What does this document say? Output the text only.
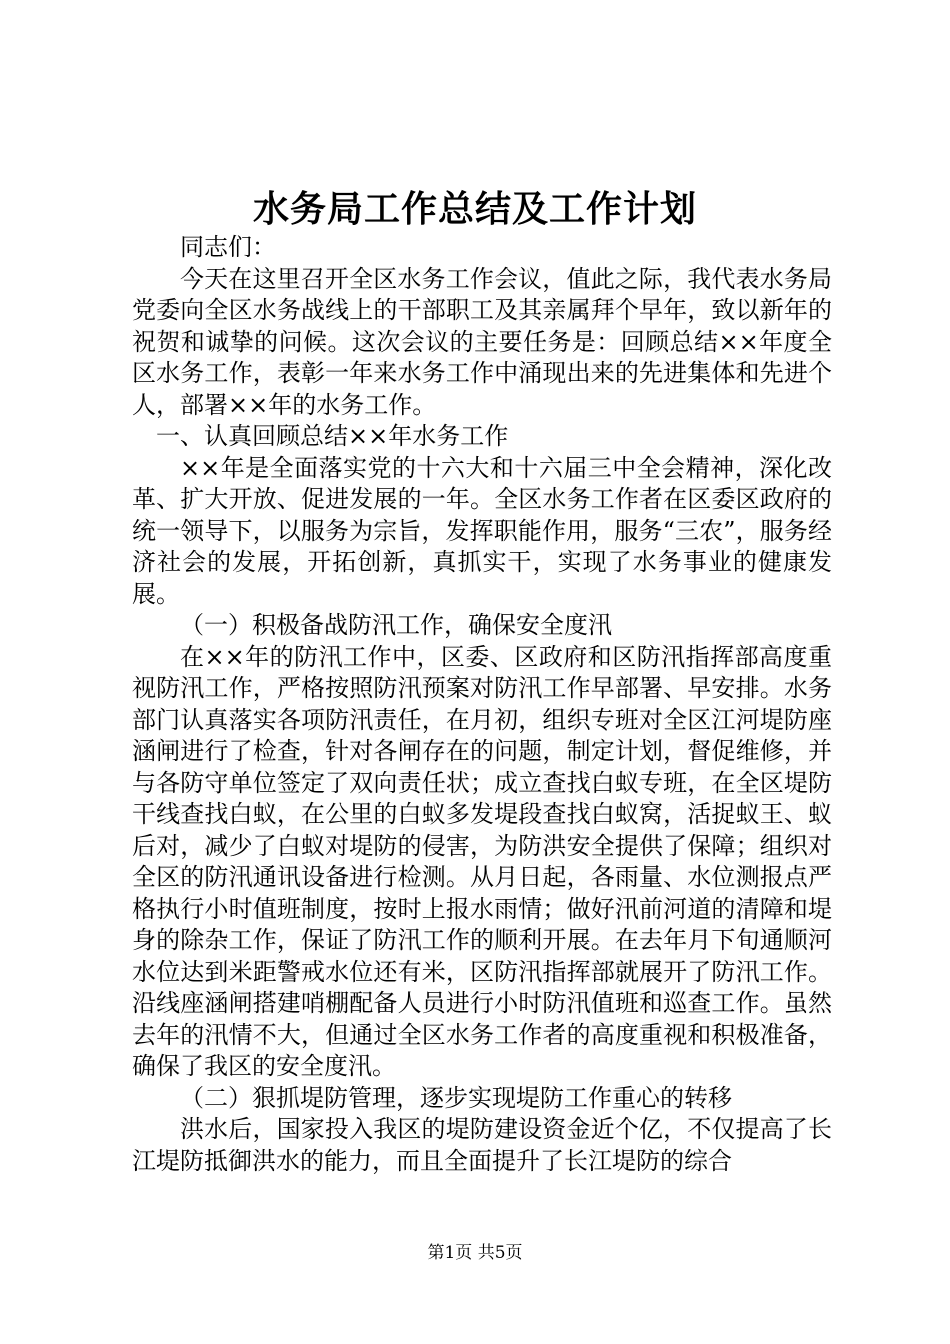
水务局工作总结及工作计划

同志们：

今天在这里召开全区水务工作会议，值此之际，我代表水务局党委向全区水务战线上的干部职工及其亲属拜个早年，致以新年的祝贺和诚挚的问候。这次会议的主要任务是：回顾总结××年度全区水务工作，表彰一年来水务工作中涌现出来的先进集体和先进个人，部署××年的水务工作。

一、认真回顾总结××年水务工作

××年是全面落实党的十六大和十六届三中全会精神，深化改革、扩大开放、促进发展的一年。全区水务工作者在区委区政府的统一领导下，以服务为宗旨，发挥职能作用，服务“三农”，服务经济社会的发展，开拓创新，真抓实干，实现了水务事业的健康发展。

（一）积极备战防汛工作，确保安全度汛

在××年的防汛工作中，区委、区政府和区防汛指挥部高度重视防汛工作，严格按照防汛预案对防汛工作早部署、早安排。水务部门认真落实各项防汛责任，在月初，组织专班对全区江河堤防座涵闸进行了检查，针对各闸存在的问题，制定计划，督促维修，并与各防守单位签定了双向责任状；成立查找白蚁专班，在全区堤防干线查找白蚁，在公里的白蚁多发堤段查找白蚁窝，活捉蚁王、蚁后对，减少了白蚁对堤防的侵害，为防洪安全提供了保障；组织对全区的防汛通讯设备进行检测。从月日起，各雨量、水位测报点严格执行小时值班制度，按时上报水雨情；做好汛前河道的清障和堤身的除杂工作，保证了防汛工作的顺利开展。在去年月下旬通顺河水位达到米距警戒水位还有米，区防汛指挥部就展开了防汛工作。沿线座涵闸搭建哨棚配备人员进行小时防汛值班和巡查工作。虽然去年的汛情不大，但通过全区水务工作者的高度重视和积极准备，确保了我区的安全度汛。

（二）狠抓堤防管理，逐步实现堤防工作重心的转移

洪水后，国家投入我区的堤防建设资金近个亿，不仅提高了长江堤防抵御洪水的能力，而且全面提升了长江堤防的综合

第1页 共5页
